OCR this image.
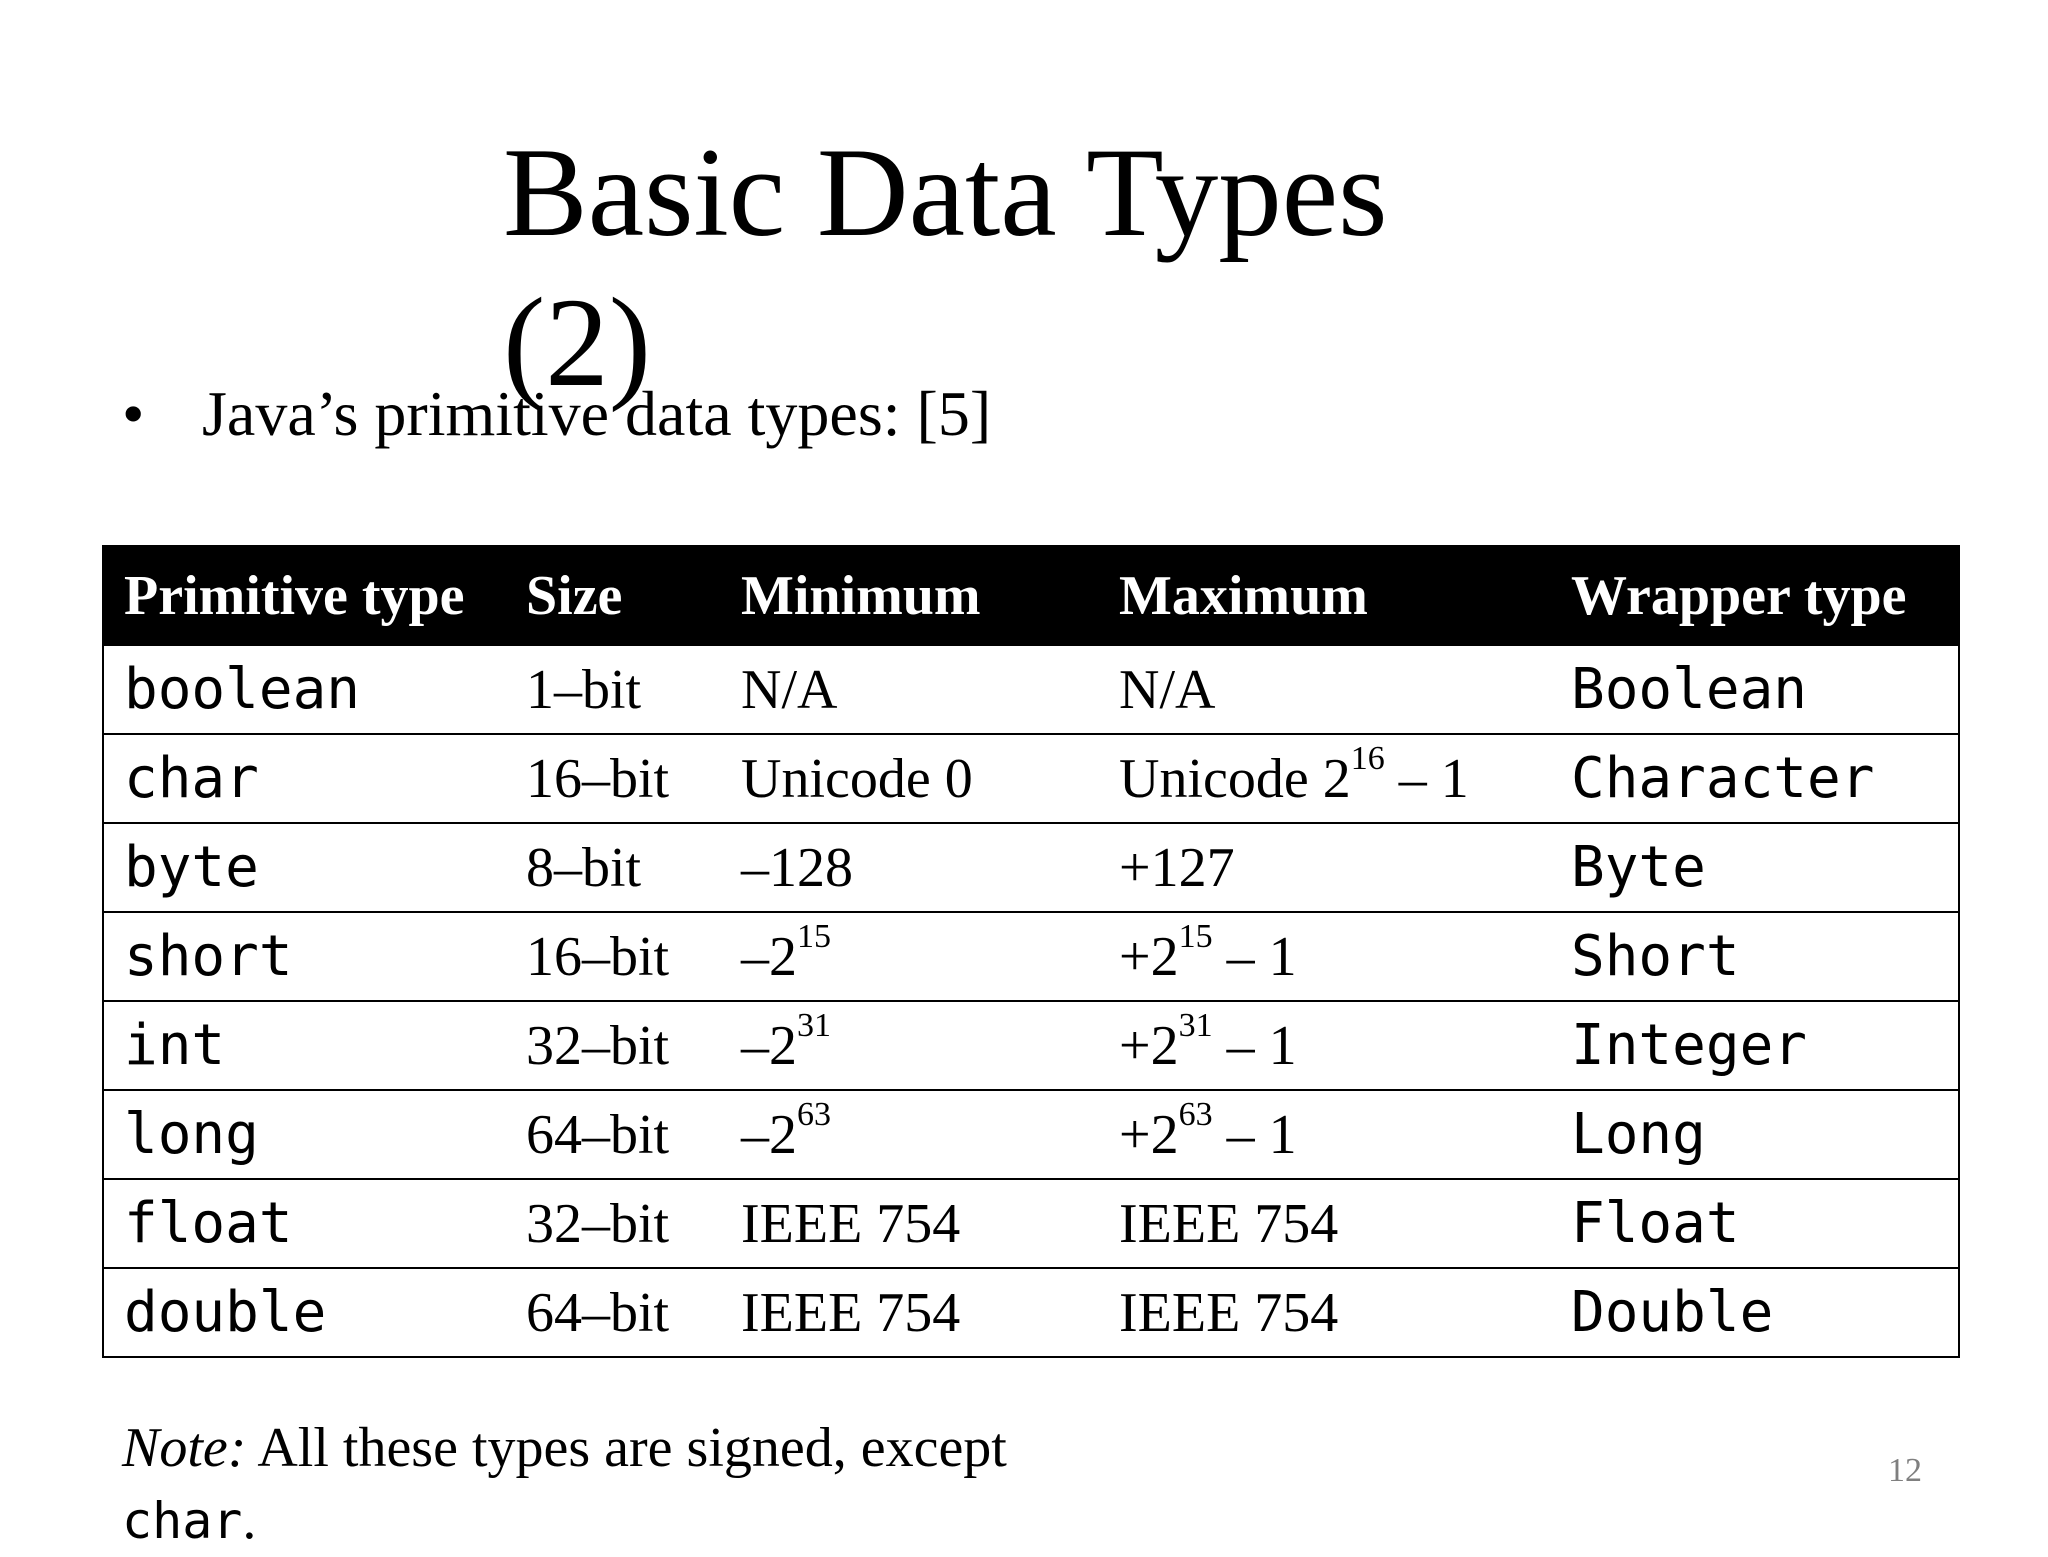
Basic Data Types (2)
• Java’s primitive data types: [5]
Primitive type	Size	Minimum	Maximum	Wrapper type
boolean	1–bit	N/A	N/A	Boolean
char	16–bit	Unicode 0	Unicode $2^{16} - 1$	Character
byte	8–bit	–128	+127	Byte
short	16–bit	$-2^{15}$	$+2^{15} - 1$	Short
int	32–bit	$-2^{31}$	$+2^{31} - 1$	Integer
long	64–bit	$-2^{63}$	$+2^{63} - 1$	Long
float	32–bit	IEEE 754	IEEE 754	Float
double	64–bit	IEEE 754	IEEE 754	Double
Note: All these types are signed, except char.
12
